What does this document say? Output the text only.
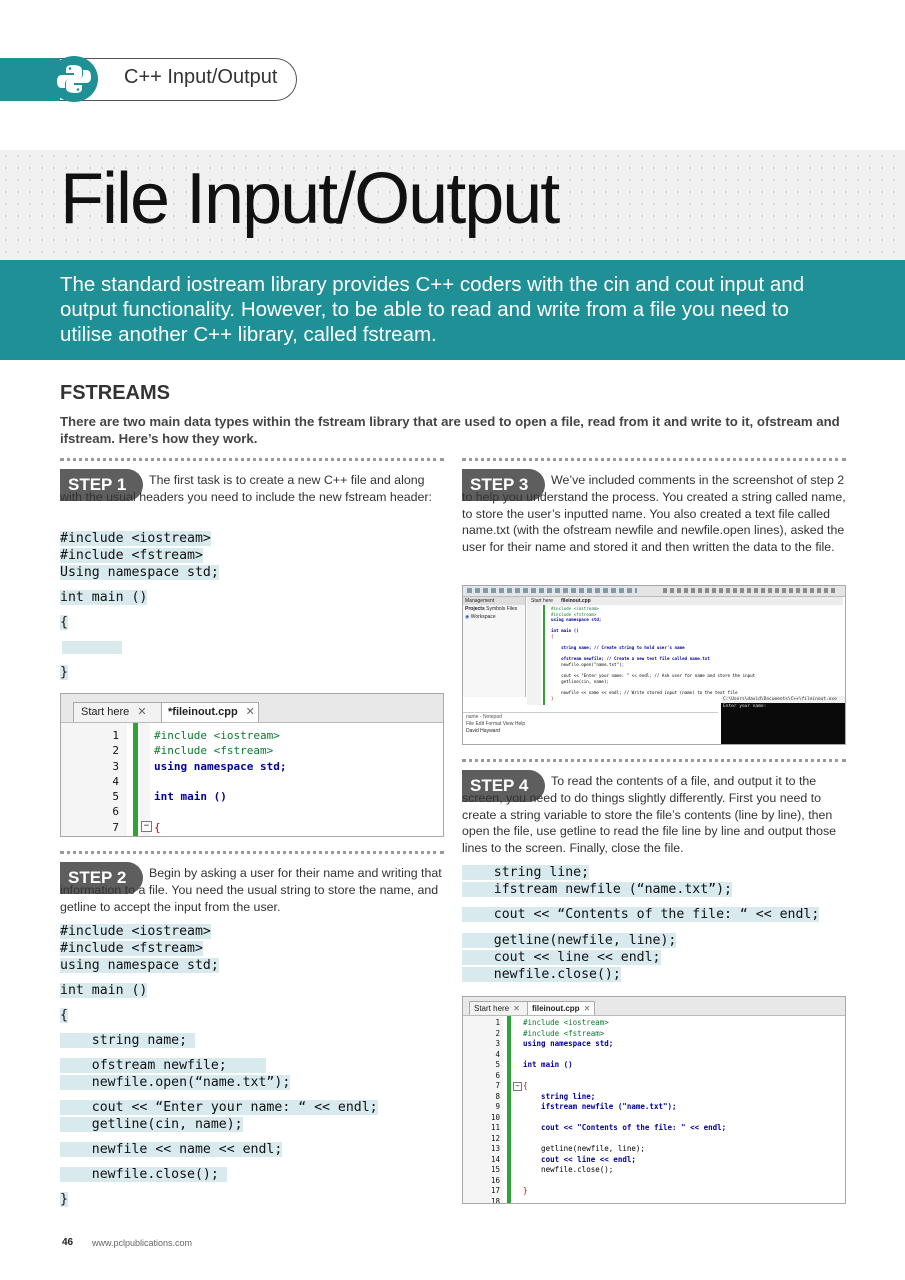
C++ Input/Output
File Input/Output
The standard iostream library provides C++ coders with the cin and cout input and output functionality. However, to be able to read and write from a file you need to utilise another C++ library, called fstream.
FSTREAMS
There are two main data types within the fstream library that are used to open a file, read from it and write to it, ofstream and ifstream. Here’s how they work.
STEP 1	The first task is to create a new C++ file and along with the usual headers you need to include the new fstream header:
#include <iostream>
#include <fstream>
Using namespace std;
int main ()
{
}
Start here ✕	*fileinout.cpp ✕
1
2
3
4
5
6
7	−
#include <iostream>
#include <fstream>
using namespace std;

int main ()

{
STEP 2	Begin by asking a user for their name and writing that information to a file. You need the usual string to store the name, and getline to accept the input from the user.
#include <iostream>
#include <fstream>
using namespace std;
int main ()
{
string name;
ofstream newfile;
newfile.open(“name.txt”);
cout << “Enter your name: “ << endl;
getline(cin, name);
newfile << name << endl;
newfile.close();
}
STEP 3	We’ve included comments in the screenshot of step 2 to help you understand the process. You created a string called name, to store the user’s inputted name. You also created a text file called name.txt (with the ofstream newfile and newfile.open lines), asked the user for their name and stored it and then written the data to the file.
Management
Projects Symbols Files
◉ Workspace
Start here fileinout.cpp
#include <iostream>
#include <fstream>
using namespace std;

int main ()
{

string name; // Create string to hold user's name

ofstream newfile; // Create a new text file called name.txt
newfile.open("name.txt");

cout << "Enter your name: " << endl; // Ask user for name and store the input
getline(cin, name);

newfile << name << endl; // Write stored input (name) to the text file
}
name - Notepad
File Edit Format View Help
David Hayward
C:\Users\david\Documents\C++\fileinout.exe
Enter your name:
STEP 4	To read the contents of a file, and output it to the screen, you need to do things slightly differently. First you need to create a string variable to store the file’s contents (line by line), then open the file, use getline to read the file line by line and output those lines to the screen. Finally, close the file.
string line;
ifstream newfile (“name.txt”);
cout << “Contents of the file: “ << endl;
getline(newfile, line);
cout << line << endl;
newfile.close();
Start here ✕	fileinout.cpp ✕
1
2
3
4
5
6
7
8
9
10
11
12
13
14
15
16
17
18
−
#include <iostream>
#include <fstream>
using namespace std;

int main ()

{
string line;
ifstream newfile ("name.txt");

cout << "Contents of the file: " << endl;

getline(newfile, line);
cout << line << endl;
newfile.close();

}

46 www.pclpublications.com
